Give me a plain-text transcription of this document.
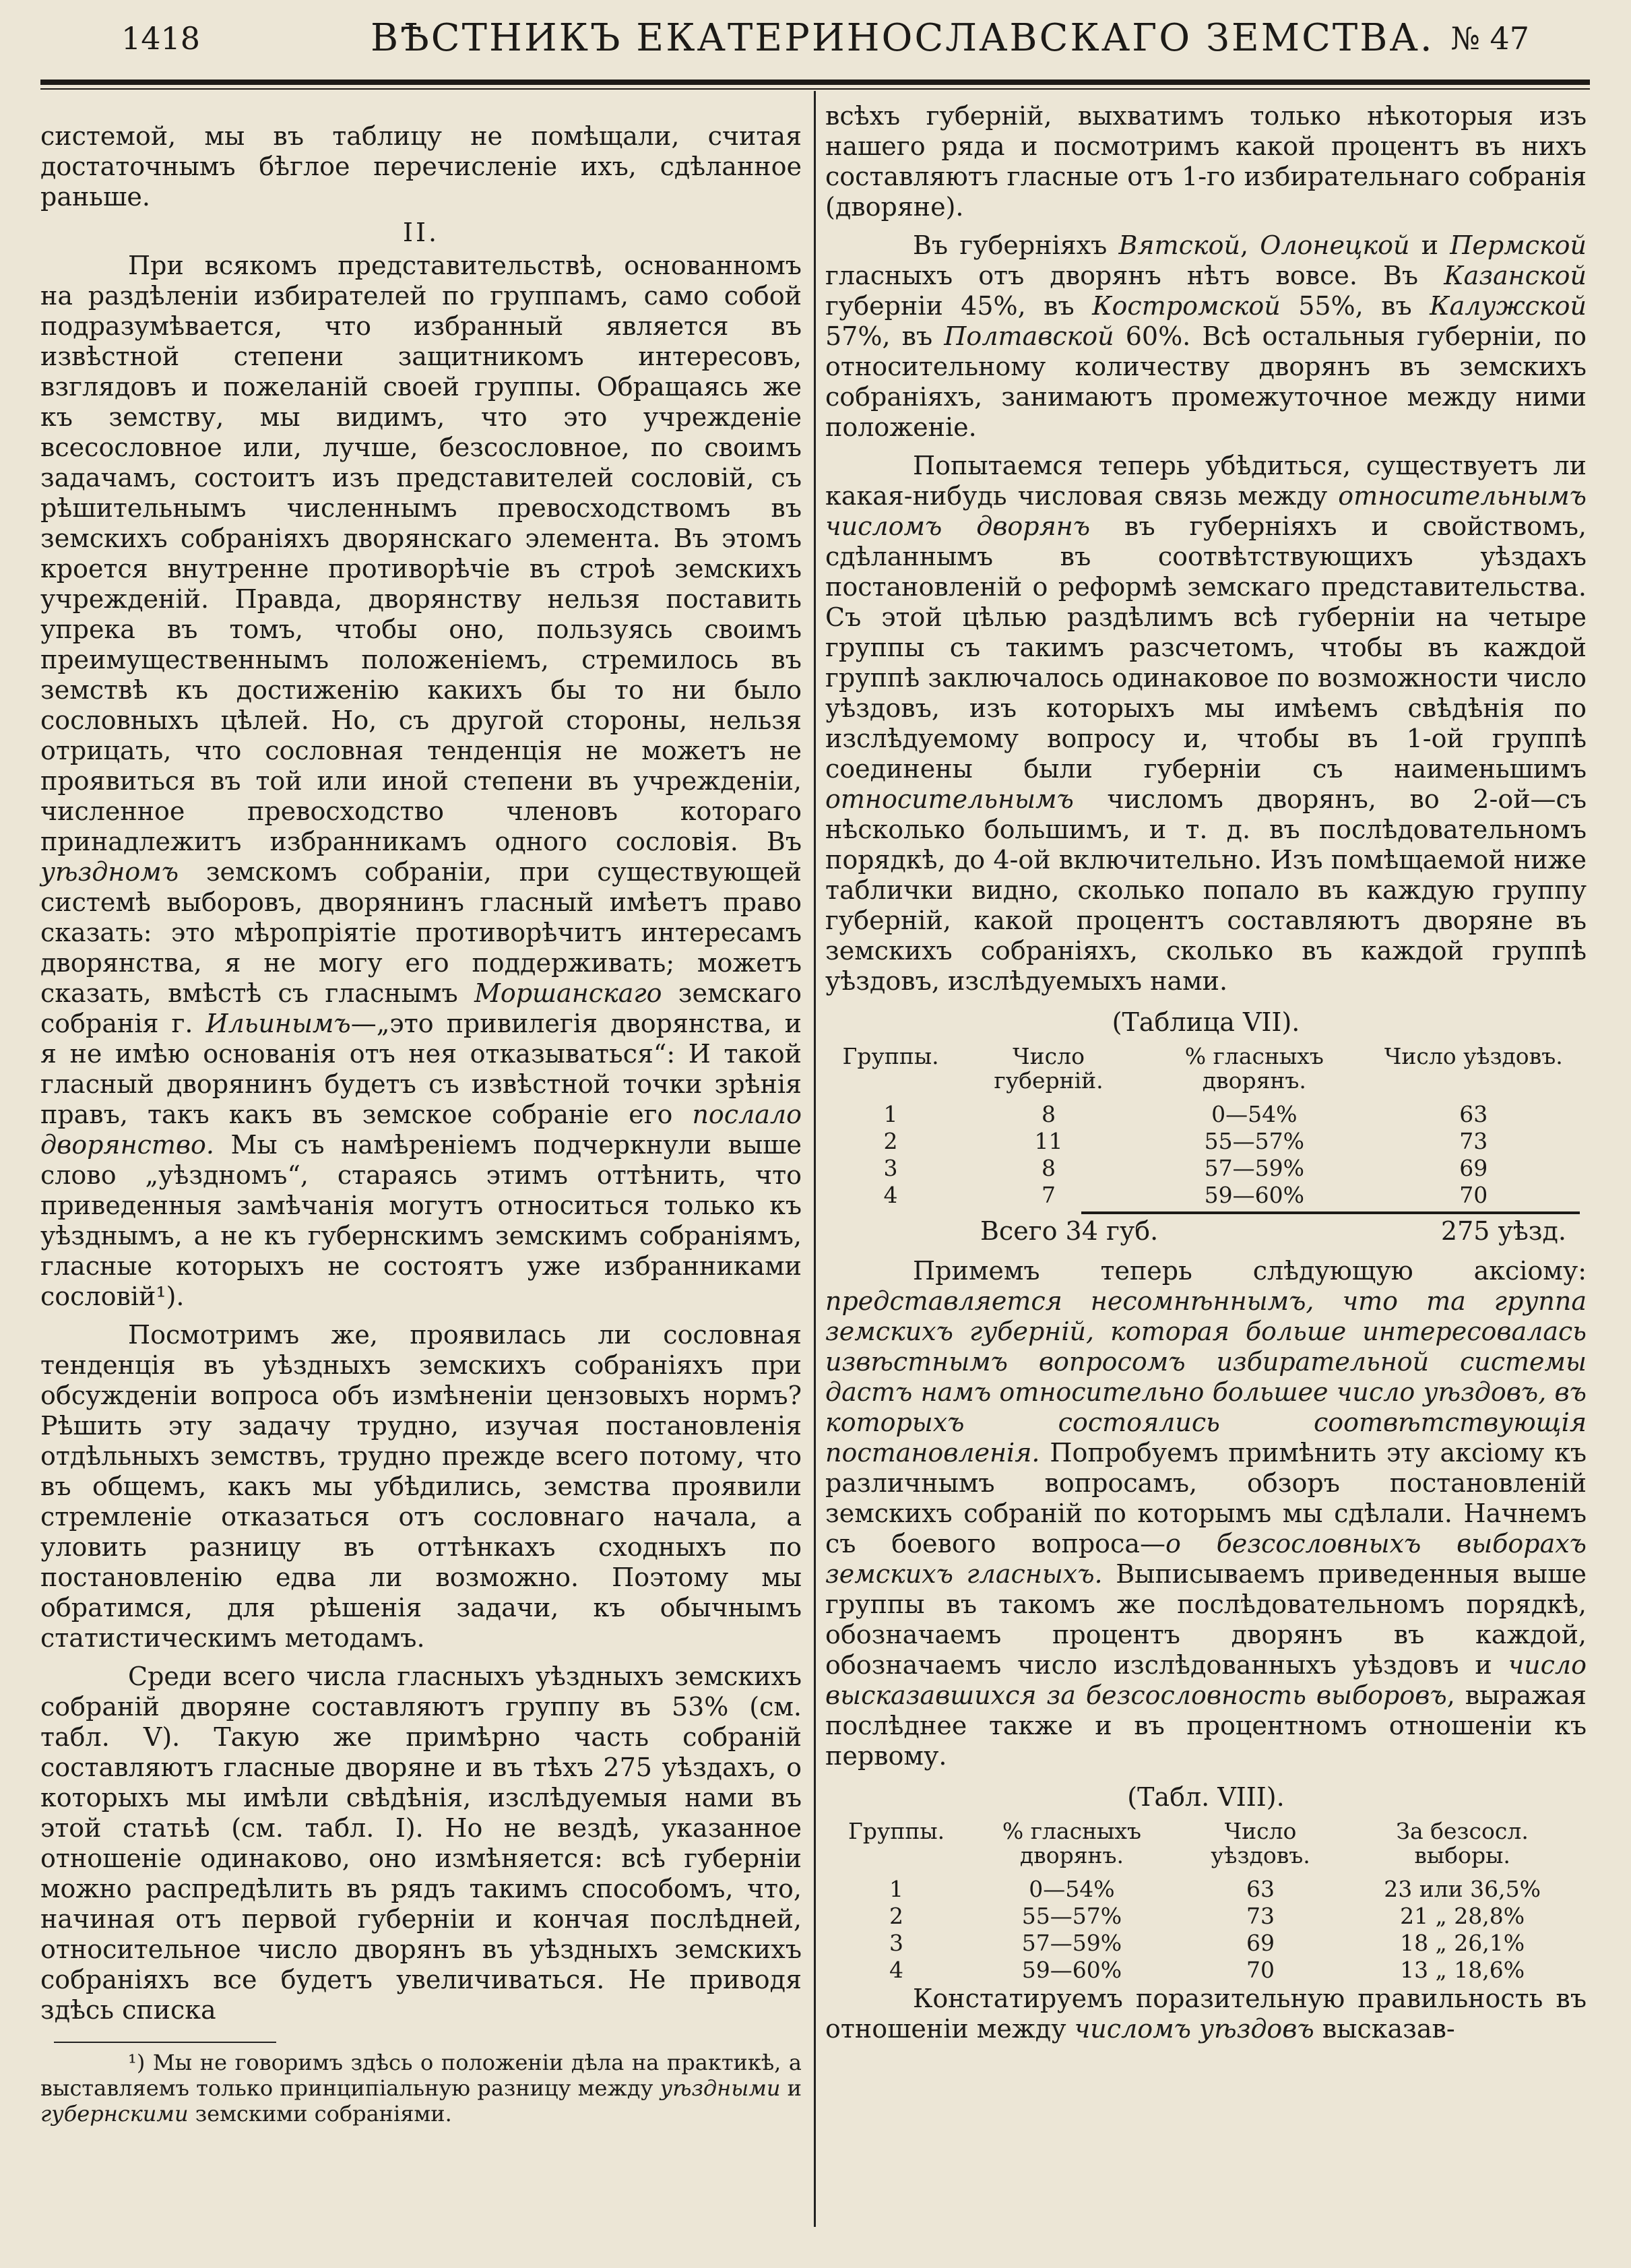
1418	ВѢСТНИКЪ ЕКАТЕРИНОСЛАВСКАГО ЗЕМСТВА. № 47

системой, мы въ таблицу не помѣщали, считая достаточнымъ бѣглое перечисленіе ихъ, сдѣланное раньше.

II.

При всякомъ представительствѣ, основанномъ на раздѣленіи избирателей по группамъ, само собой подразумѣвается, что избранный является въ извѣстной степени защитникомъ интересовъ, взглядовъ и пожеланій своей группы. Обращаясь же къ земству, мы видимъ, что это учрежденіе всесословное или, лучше, безсословное, по своимъ задачамъ, состоитъ изъ представителей сословій, съ рѣшительнымъ численнымъ превосходствомъ въ земскихъ собраніяхъ дворянскаго элемента. Въ этомъ кроется внутренне противорѣчіе въ строѣ земскихъ учрежденій. Правда, дворянству нельзя поставить упрека въ томъ, чтобы оно, пользуясь своимъ преимущественнымъ положеніемъ, стремилось въ земствѣ къ достиженію какихъ бы то ни было сословныхъ цѣлей. Но, съ другой стороны, нельзя отрицать, что сословная тенденція не можетъ не проявиться въ той или иной степени въ учрежденіи, численное превосходство членовъ котораго принадлежитъ избранникамъ одного сословія. Въ уѣздномъ земскомъ собраніи, при существующей системѣ выборовъ, дворянинъ гласный имѣетъ право сказать: это мѣропріятіе противорѣчитъ интересамъ дворянства, я не могу его поддерживать; можетъ сказать, вмѣстѣ съ гласнымъ Моршанскаго земскаго собранія г. Ильинымъ—„это привилегія дворянства, и я не имѣю основанія отъ нея отказываться“: И такой гласный дворянинъ будетъ съ извѣстной точки зрѣнія правъ, такъ какъ въ земское собраніе его послало дворянство. Мы съ намѣреніемъ подчеркнули выше слово „уѣздномъ“, стараясь этимъ оттѣнить, что приведенныя замѣчанія могутъ относиться только къ уѣзднымъ, а не къ губернскимъ земскимъ собраніямъ, гласные которыхъ не состоятъ уже избранниками сословій¹).

Посмотримъ же, проявилась ли сословная тенденція въ уѣздныхъ земскихъ собраніяхъ при обсужденіи вопроса объ измѣненіи цензовыхъ нормъ? Рѣшить эту задачу трудно, изучая постановленія отдѣльныхъ земствъ, трудно прежде всего потому, что въ общемъ, какъ мы убѣдились, земства проявили стремленіе отказаться отъ сословнаго начала, а уловить разницу въ оттѣнкахъ сходныхъ по постановленію едва ли возможно. Поэтому мы обратимся, для рѣшенія задачи, къ обычнымъ статистическимъ методамъ.

Среди всего числа гласныхъ уѣздныхъ земскихъ собраній дворяне составляютъ группу въ 53% (см. табл. V). Такую же примѣрно часть собраній составляютъ гласные дворяне и въ тѣхъ 275 уѣздахъ, о которыхъ мы имѣли свѣдѣнія, изслѣдуемыя нами въ этой статьѣ (см. табл. I). Но не вездѣ, указанное отношеніе одинаково, оно измѣняется: всѣ губерніи можно распредѣлить въ рядъ такимъ способомъ, что, начиная отъ первой губерніи и кончая послѣдней, относительное число дворянъ въ уѣздныхъ земскихъ собраніяхъ все будетъ увеличиваться. Не приводя здѣсь списка

¹) Мы не говоримъ здѣсь о положеніи дѣла на практикѣ, а выставляемъ только принципіальную разницу между уѣздными и губернскими земскими собраніями.

всѣхъ губерній, выхватимъ только нѣкоторыя изъ нашего ряда и посмотримъ какой процентъ въ нихъ составляютъ гласные отъ 1-го избирательнаго собранія (дворяне).

Въ губерніяхъ Вятской, Олонецкой и Пермской гласныхъ отъ дворянъ нѣтъ вовсе. Въ Казанской губерніи 45%, въ Костромской 55%, въ Калужской 57%, въ Полтавской 60%. Всѣ остальныя губерніи, по относительному количеству дворянъ въ земскихъ собраніяхъ, занимаютъ промежуточное между ними положеніе.

Попытаемся теперь убѣдиться, существуетъ ли какая-нибудь числовая связь между относительнымъ числомъ дворянъ въ губерніяхъ и свойствомъ, сдѣланнымъ въ соотвѣтствующихъ уѣздахъ постановленій о реформѣ земскаго представительства. Съ этой цѣлью раздѣлимъ всѣ губерніи на четыре группы съ такимъ разсчетомъ, чтобы въ каждой группѣ заключалось одинаковое по возможности число уѣздовъ, изъ которыхъ мы имѣемъ свѣдѣнія по изслѣдуемому вопросу и, чтобы въ 1-ой группѣ соединены были губерніи съ наименьшимъ относительнымъ числомъ дворянъ, во 2-ой—съ нѣсколько большимъ, и т. д. въ послѣдовательномъ порядкѣ, до 4-ой включительно. Изъ помѣщаемой ниже таблички видно, сколько попало въ каждую группу губерній, какой процентъ составляютъ дворяне въ земскихъ собраніяхъ, сколько въ каждой группѣ уѣздовъ, изслѣдуемыхъ нами.

(Таблица VII).
Группы.	Число губерній.	% гласныхъ дворянъ.	Число уѣздовъ.
1	8	0—54%	63
2	11	55—57%	73
3	8	57—59%	69
4	7	59—60%	70
Всего 34 губ.	275 уѣзд.

Примемъ теперь слѣдующую аксіому: представляется несомнѣннымъ, что та группа земскихъ губерній, которая больше интересовалась извѣстнымъ вопросомъ избирательной системы дастъ намъ относительно большее число уѣздовъ, въ которыхъ состоялись соотвѣтствующія постановленія. Попробуемъ примѣнить эту аксіому къ различнымъ вопросамъ, обзоръ постановленій земскихъ собраній по которымъ мы сдѣлали. Начнемъ съ боевого вопроса—о безсословныхъ выборахъ земскихъ гласныхъ. Выписываемъ приведенныя выше группы въ такомъ же послѣдовательномъ порядкѣ, обозначаемъ процентъ дворянъ въ каждой, обозначаемъ число изслѣдованныхъ уѣздовъ и число высказавшихся за безсословность выборовъ, выражая послѣднее также и въ процентномъ отношеніи къ первому.

(Табл. VIII).
Группы.	% гласныхъ дворянъ.	Число уѣздовъ.	За безсосл. выборы.
1	0—54%	63	23 или 36,5%
2	55—57%	73	21 „ 28,8%
3	57—59%	69	18 „ 26,1%
4	59—60%	70	13 „ 18,6%

Констатируемъ поразительную правильность въ отношеніи между числомъ уѣздовъ высказав-
